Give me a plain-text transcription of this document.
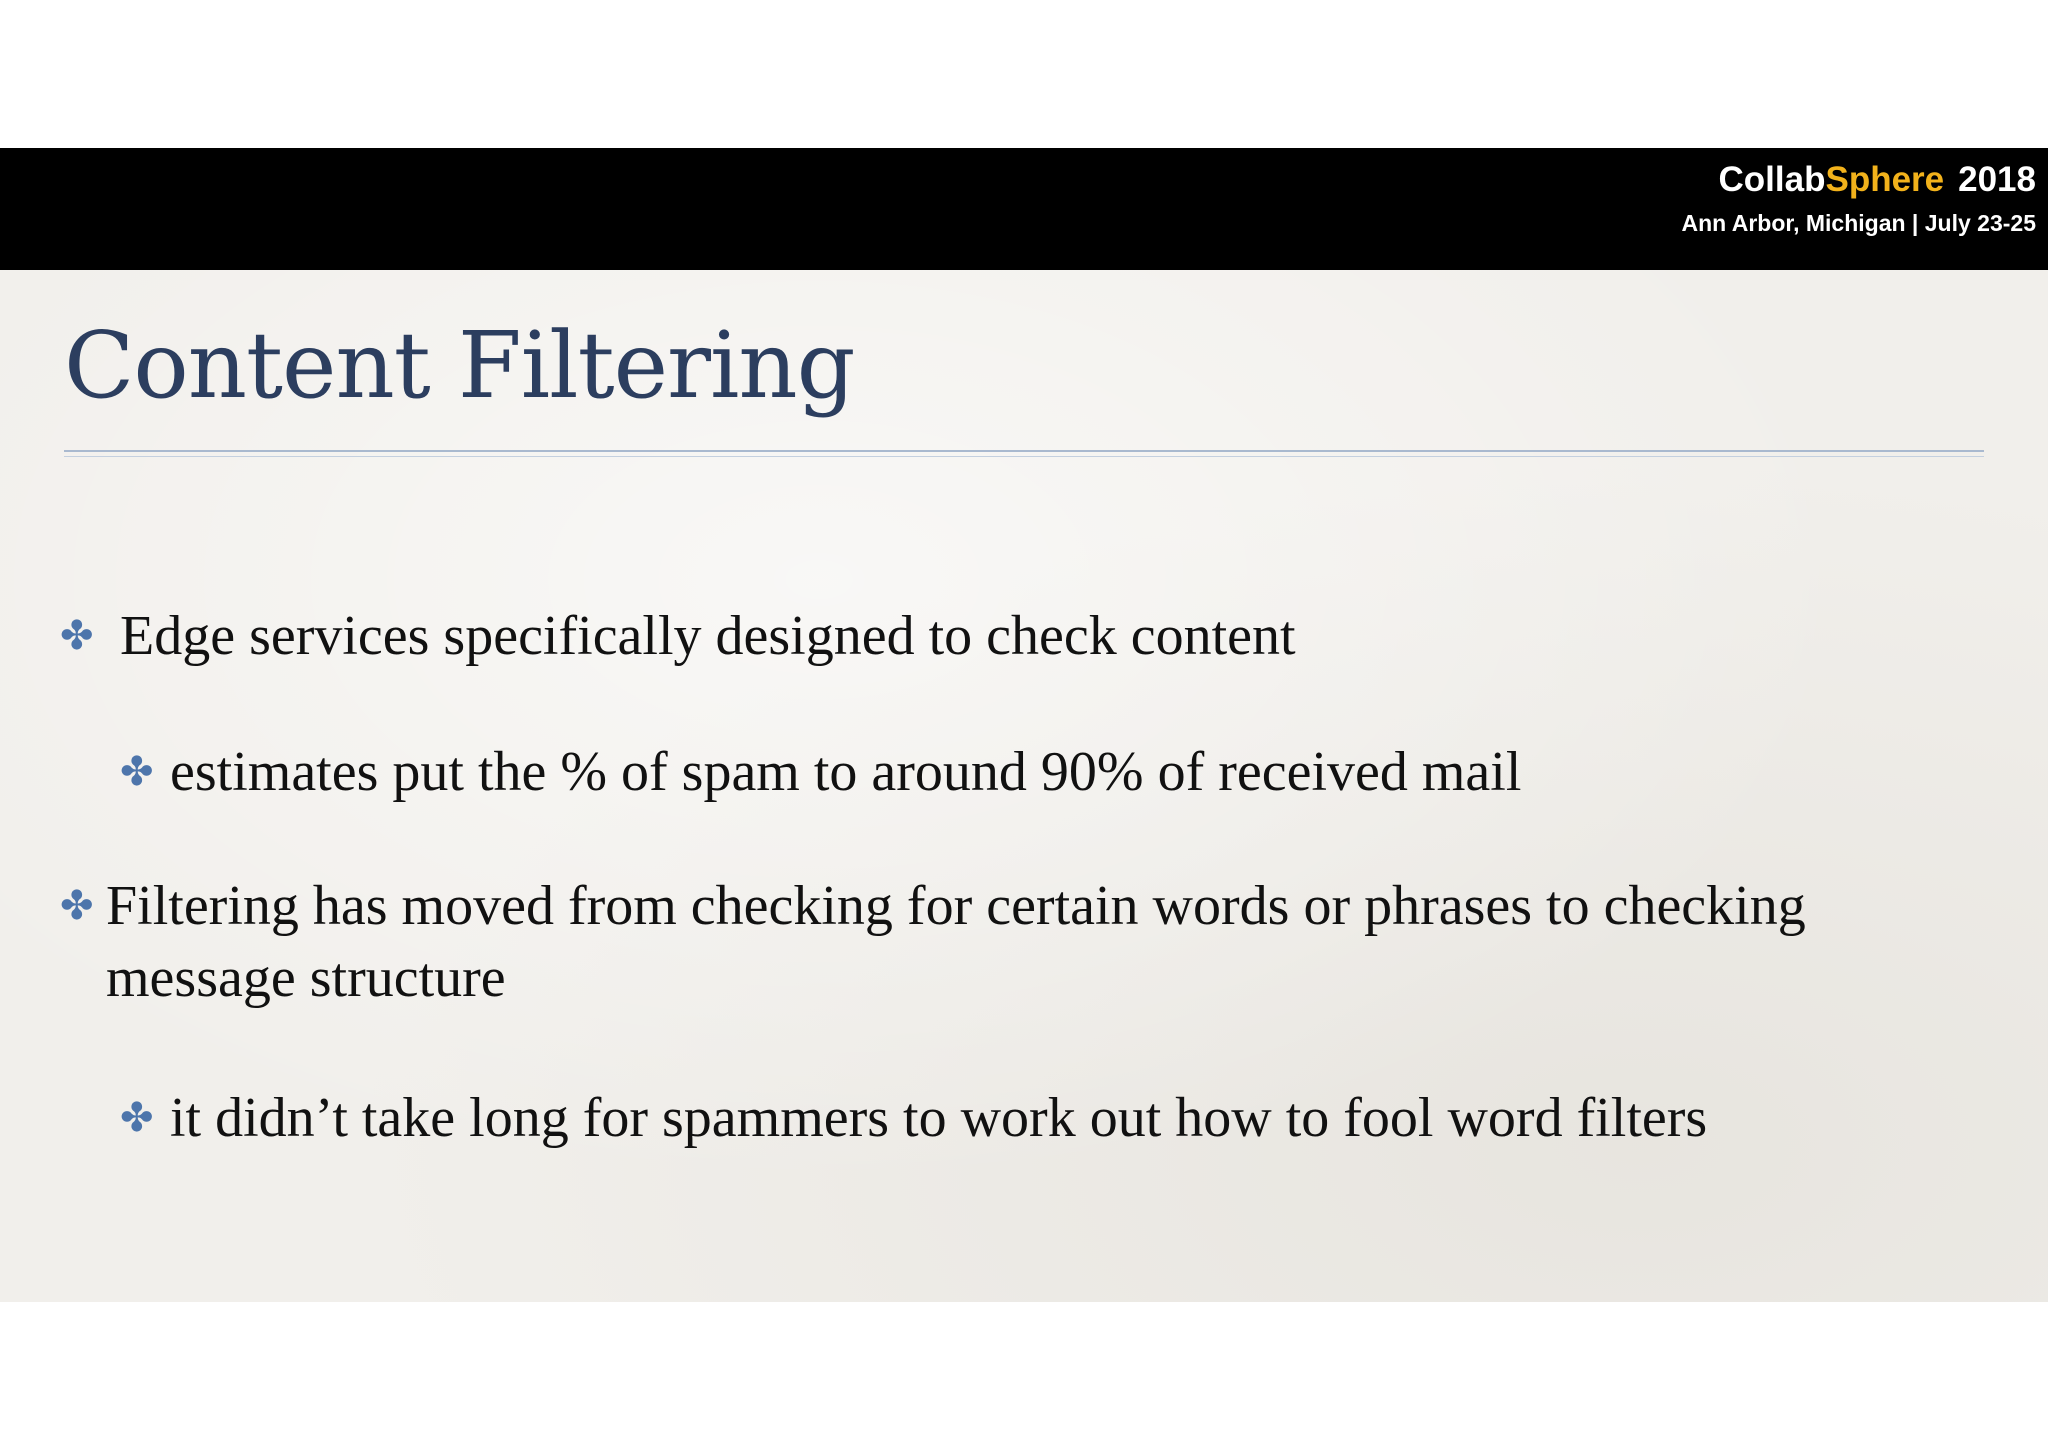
CollabSphere 2018
Ann Arbor, Michigan | July 23-25
Content Filtering
✤ Edge services specifically designed to check content
✤ estimates put the % of spam to around 90% of received mail
✤ Filtering has moved from checking for certain words or phrases to checking message structure
✤ it didn’t take long for spammers to work out how to fool word filters
